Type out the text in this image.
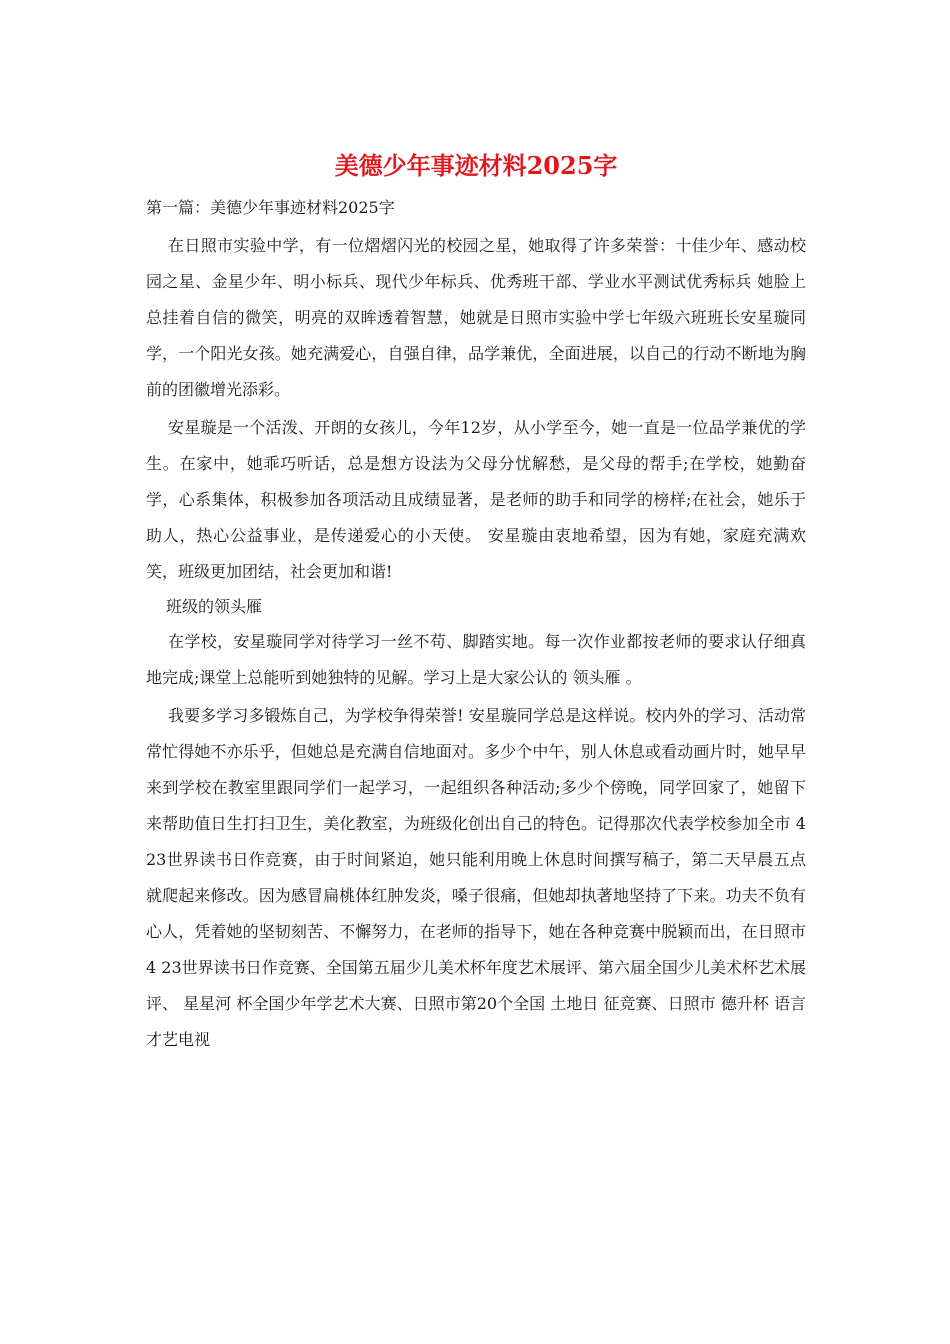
美德少年事迹材料2025字
第一篇：美德少年事迹材料2025字

在日照市实验中学，有一位熠熠闪光的校园之星，她取得了许多荣誉：十佳少年、感动校园之星、金星少年、明小标兵、现代少年标兵、优秀班干部、学业水平测试优秀标兵 她脸上总挂着自信的微笑，明亮的双眸透着智慧，她就是日照市实验中学七年级六班班长安星璇同学，一个阳光女孩。她充满爱心，自强自律，品学兼优，全面进展，以自己的行动不断地为胸前的团徽增光添彩。

安星璇是一个活泼、开朗的女孩儿，今年12岁，从小学至今，她一直是一位品学兼优的学生。在家中，她乖巧听话，总是想方设法为父母分忧解愁，是父母的帮手;在学校，她勤奋学，心系集体，积极参加各项活动且成绩显著，是老师的助手和同学的榜样;在社会，她乐于助人，热心公益事业，是传递爱心的小天使。 安星璇由衷地希望，因为有她，家庭充满欢笑，班级更加团结，社会更加和谐!

班级的领头雁

在学校，安星璇同学对待学习一丝不苟、脚踏实地。每一次作业都按老师的要求认仔细真地完成;课堂上总能听到她独特的见解。学习上是大家公认的 领头雁 。

我要多学习多锻炼自己，为学校争得荣誉! 安星璇同学总是这样说。校内外的学习、活动常常忙得她不亦乐乎，但她总是充满自信地面对。多少个中午，别人休息或看动画片时，她早早来到学校在教室里跟同学们一起学习，一起组织各种活动;多少个傍晚，同学回家了，她留下来帮助值日生打扫卫生，美化教室，为班级化创出自己的特色。记得那次代表学校参加全市 4 23世界读书日作竞赛，由于时间紧迫，她只能利用晚上休息时间撰写稿子，第二天早晨五点就爬起来修改。因为感冒扁桃体红肿发炎，嗓子很痛，但她却执著地坚持了下来。功夫不负有心人，凭着她的坚韧刻苦、不懈努力，在老师的指导下，她在各种竞赛中脱颖而出，在日照市4 23世界读书日作竞赛、全国第五届少儿美术杯年度艺术展评、第六届全国少儿美术杯艺术展评、 星星河 杯全国少年学艺术大赛、日照市第20个全国 土地日 征竞赛、日照市 德升杯 语言 才艺电视
